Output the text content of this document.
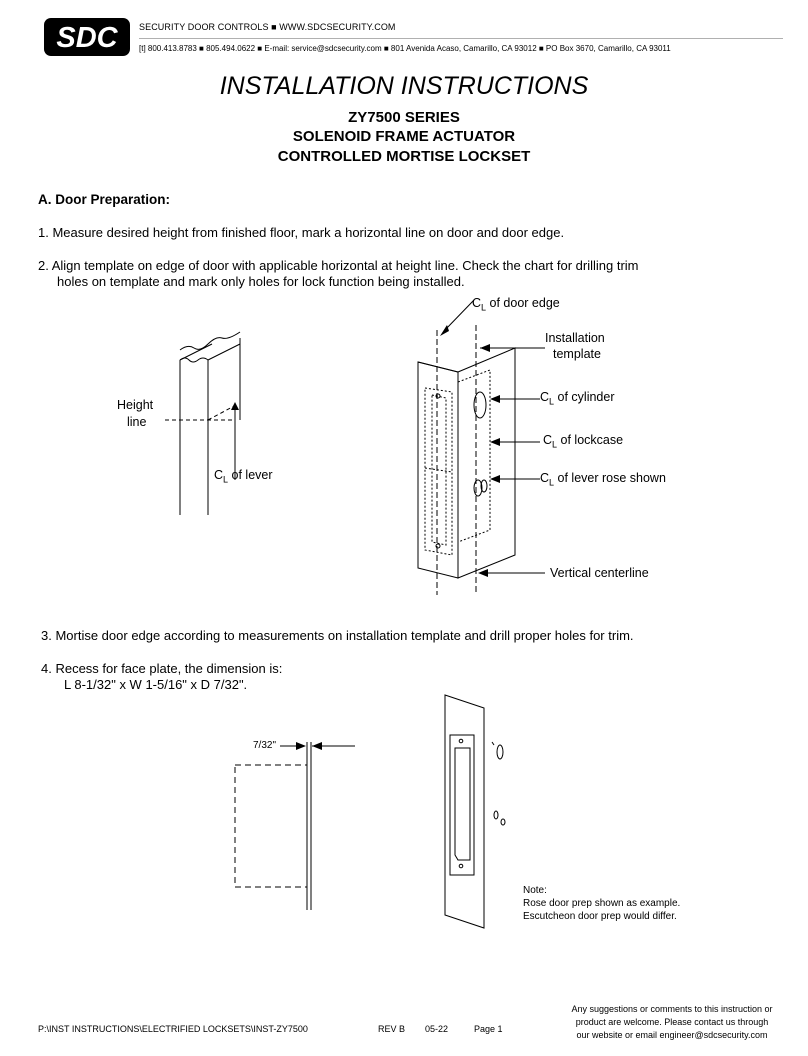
SDC SECURITY DOOR CONTROLS ■ WWW.SDCSECURITY.COM
[t] 800.413.8783 ■ 805.494.0622 ■ E-mail: service@sdcsecurity.com ■ 801 Avenida Acaso, Camarillo, CA 93012 ■ PO Box 3670, Camarillo, CA 93011
INSTALLATION INSTRUCTIONS
ZY7500 SERIES
SOLENOID FRAME ACTUATOR
CONTROLLED MORTISE LOCKSET
A. Door Preparation:
1. Measure desired height from finished floor, mark a horizontal line on door and door edge.
2. Align template on edge of door with applicable horizontal at height line. Check the chart for drilling trim
holes on template and mark only holes for lock function being installed.
Height
line
$C_L$ of lever
$C_L$ of door edge
Installation
template
$C_L$ of cylinder
$C_L$ of lockcase
$C_L$ of lever rose shown
Vertical centerline
3. Mortise door edge according to measurements on installation template and drill proper holes for trim.
4. Recess for face plate, the dimension is:
L 8-1/32" x W 1-5/16" x D 7/32".
7/32"
Note:
Rose door prep shown as example.
Escutcheon door prep would differ.
P:\INST INSTRUCTIONS\ELECTRIFIED LOCKSETS\INST-ZY7500	REV B 05-22	Page 1
Any suggestions or comments to this instruction or
product are welcome. Please contact us through
our website or email engineer@sdcsecurity.com
